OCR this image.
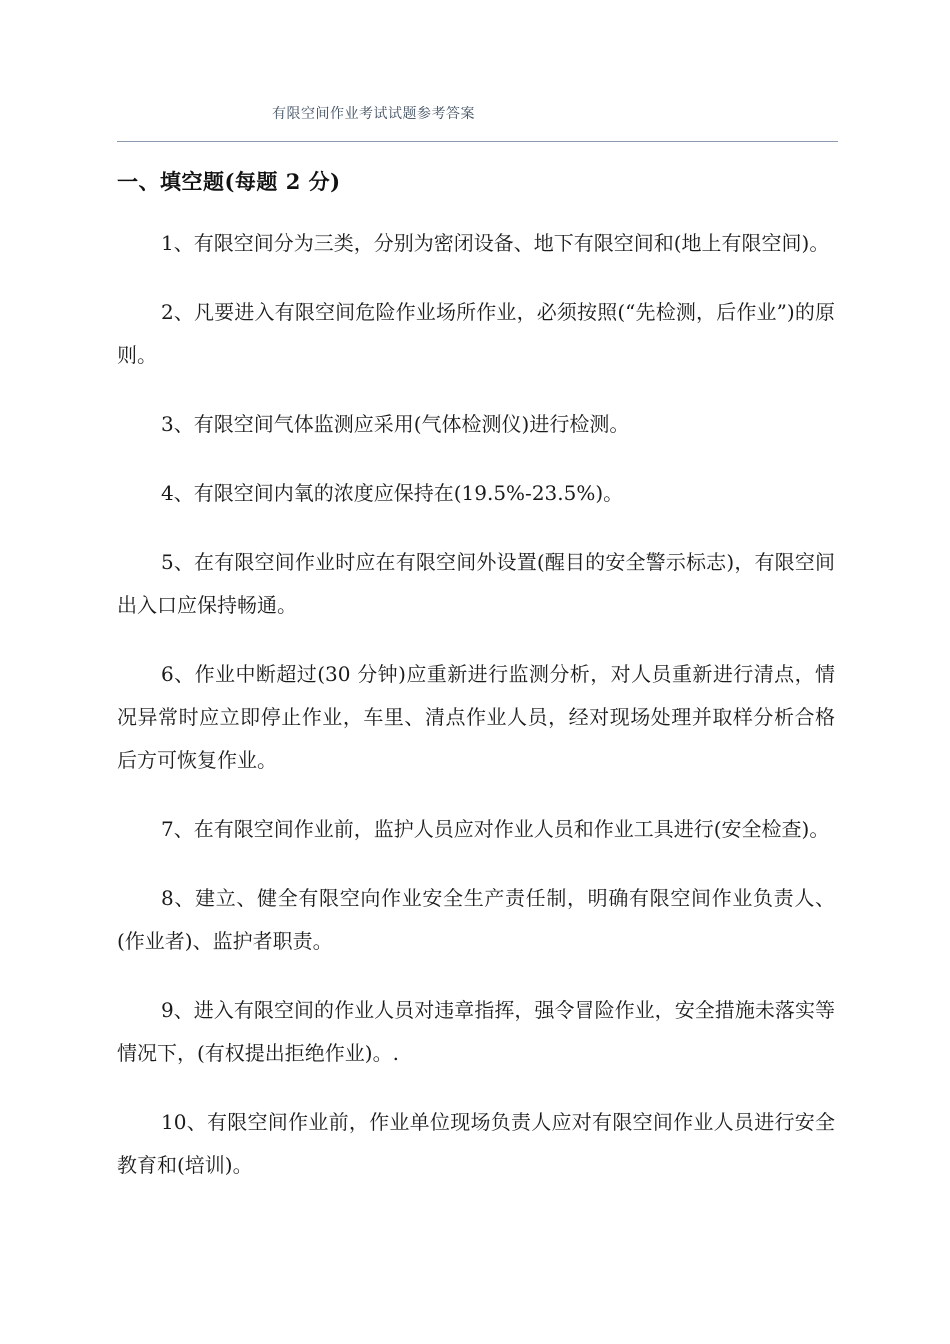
有限空间作业考试试题参考答案
一、填空题(每题 2 分)
1、有限空间分为三类，分别为密闭设备、地下有限空间和(地上有限空间)。
2、凡要进入有限空间危险作业场所作业，必须按照(“先检测，后作业”)的原则。
3、有限空间气体监测应采用(气体检测仪)进行检测。
4、有限空间内氧的浓度应保持在(19.5%-23.5%)。
5、在有限空间作业时应在有限空间外设置(醒目的安全警示标志)，有限空间出入口应保持畅通。
6、作业中断超过(30 分钟)应重新进行监测分析，对人员重新进行清点，情况异常时应立即停止作业，车里、清点作业人员，经对现场处理并取样分析合格后方可恢复作业。
7、在有限空间作业前，监护人员应对作业人员和作业工具进行(安全检查)。
8、建立、健全有限空向作业安全生产责任制，明确有限空间作业负责人、(作业者)、监护者职责。
9、进入有限空间的作业人员对违章指挥，强令冒险作业，安全措施未落实等情况下，(有权提出拒绝作业)。.
10、有限空间作业前，作业单位现场负责人应对有限空间作业人员进行安全教育和(培训)。
